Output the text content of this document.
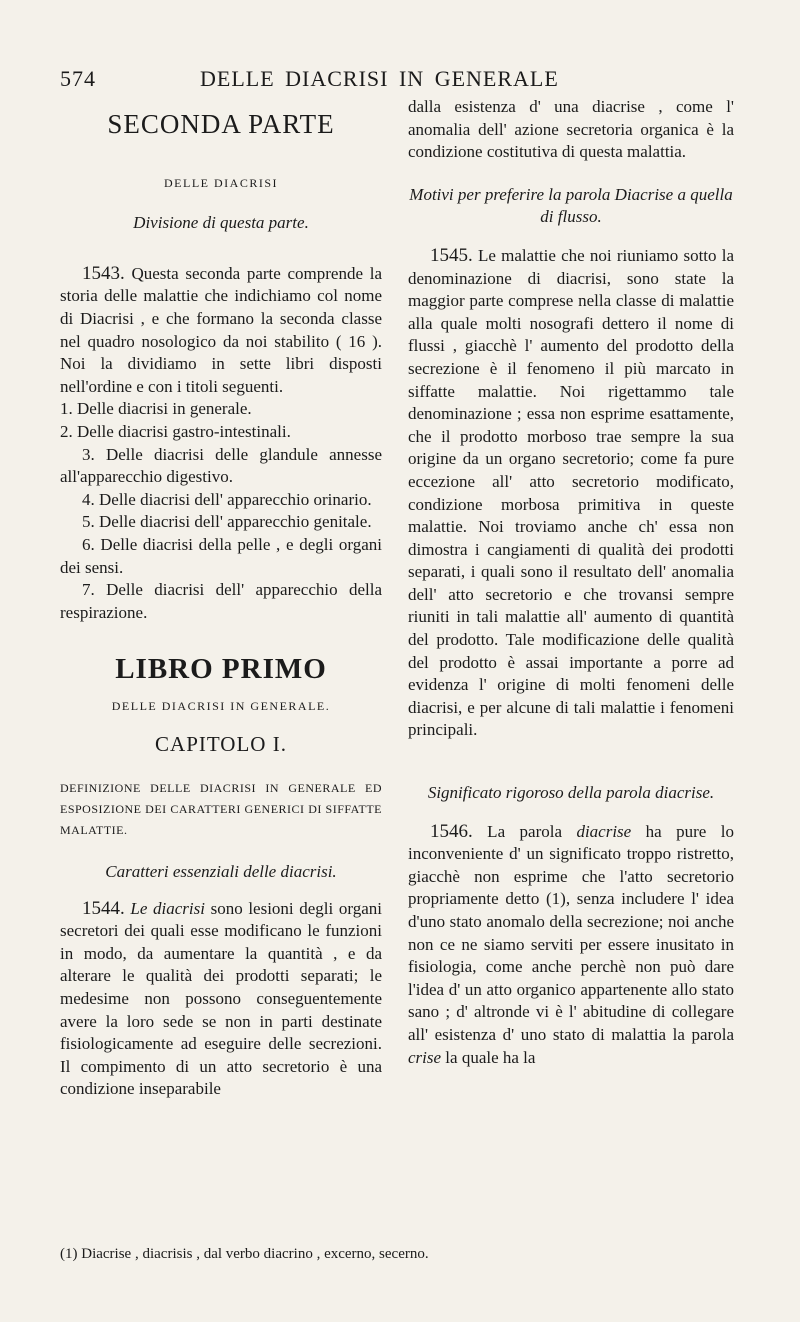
574	DELLE DIACRISI IN GENERALE

SECONDA PARTE

DELLE DIACRISI

Divisione di questa parte.

1543. Questa seconda parte comprende la storia delle malattie che indichiamo col nome di Diacrisi , e che formano la seconda classe nel quadro nosologico da noi stabilito ( 16 ). Noi la dividiamo in sette libri disposti nell'ordine e con i titoli seguenti.

1. Delle diacrisi in generale.

2. Delle diacrisi gastro-intestinali.

3. Delle diacrisi delle glandule annesse all'apparecchio digestivo.

4. Delle diacrisi dell' apparecchio orinario.

5. Delle diacrisi dell' apparecchio genitale.

6. Delle diacrisi della pelle , e degli organi dei sensi.

7. Delle diacrisi dell' apparecchio della respirazione.

LIBRO PRIMO

DELLE DIACRISI IN GENERALE.

CAPITOLO I.

DEFINIZIONE DELLE DIACRISI IN GENERALE ED ESPOSIZIONE DEI CARATTERI GENERICI DI SIFFATTE MALATTIE.

Caratteri essenziali delle diacrisi.

1544. Le diacrisi sono lesioni degli organi secretori dei quali esse modificano le funzioni in modo, da aumentare la quantità , e da alterare le qualità dei prodotti separati; le medesime non possono conseguentemente avere la loro sede se non in parti destinate fisiologicamente ad eseguire delle secrezioni. Il compimento di un atto secretorio è una condizione inseparabile

dalla esistenza d' una diacrise , come l' anomalia dell' azione secretoria organica è la condizione costitutiva di questa malattia.

Motivi per preferire la parola Diacrise a quella di flusso.

1545. Le malattie che noi riuniamo sotto la denominazione di diacrisi, sono state la maggior parte comprese nella classe di malattie alla quale molti nosografi dettero il nome di flussi , giacchè l' aumento del prodotto della secrezione è il fenomeno il più marcato in siffatte malattie. Noi rigettammo tale denominazione ; essa non esprime esattamente, che il prodotto morboso trae sempre la sua origine da un organo secretorio; come fa pure eccezione all' atto secretorio modificato, condizione morbosa primitiva in queste malattie. Noi troviamo anche ch' essa non dimostra i cangiamenti di qualità dei prodotti separati, i quali sono il resultato dell' anomalia dell' atto secretorio e che trovansi sempre riuniti in tali malattie all' aumento di quantità del prodotto. Tale modificazione delle qualità del prodotto è assai importante a porre ad evidenza l' origine di molti fenomeni delle diacrisi, e per alcune di tali malattie i fenomeni principali.

Significato rigoroso della parola diacrise.

1546. La parola diacrise ha pure lo inconveniente d' un significato troppo ristretto, giacchè non esprime che l'atto secretorio propriamente detto (1), senza includere l' idea d'uno stato anomalo della secrezione; noi anche non ce ne siamo serviti per essere inusitato in fisiologia, come anche perchè non può dare l'idea d' un atto organico appartenente allo stato sano ; d' altronde vi è l' abitudine di collegare all' esistenza d' uno stato di malattia la parola crise la quale ha la

(1) Diacrise , diacrisis , dal verbo diacrino , excerno, secerno.
